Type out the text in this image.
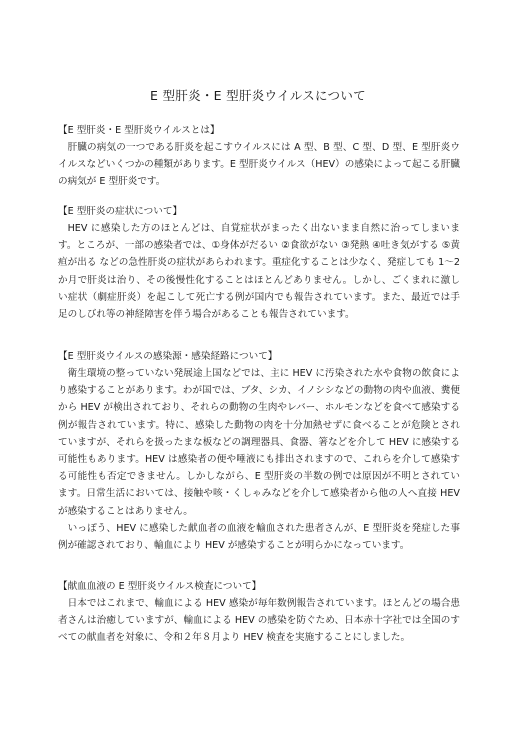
E 型肝炎・E 型肝炎ウイルスについて

【E 型肝炎・E 型肝炎ウイルスとは】

肝臓の病気の一つである肝炎を起こすウイルスには A 型、B 型、C 型、D 型、E 型肝炎ウイルスなどいくつかの種類があります。E 型肝炎ウイルス（HEV）の感染によって起こる肝臓の病気が E 型肝炎です。

【E 型肝炎の症状について】

HEV に感染した方のほとんどは、自覚症状がまったく出ないまま自然に治ってしまいます。ところが、一部の感染者では、①身体がだるい ②食欲がない ③発熱 ④吐き気がする ⑤黄疸が出る などの急性肝炎の症状があらわれます。重症化することは少なく、発症しても 1〜2 か月で肝炎は治り、その後慢性化することはほとんどありません。しかし、ごくまれに激しい症状（劇症肝炎）を起こして死亡する例が国内でも報告されています。また、最近では手足のしびれ等の神経障害を伴う場合があることも報告されています。

【E 型肝炎ウイルスの感染源・感染経路について】

衛生環境の整っていない発展途上国などでは、主に HEV に汚染された水や食物の飲食により感染することがあります。わが国では、ブタ、シカ、イノシシなどの動物の肉や血液、糞便から HEV が検出されており、それらの動物の生肉やレバー、ホルモンなどを食べて感染する例が報告されています。特に、感染した動物の肉を十分加熱せずに食べることが危険とされていますが、それらを扱ったまな板などの調理器具、食器、箸などを介して HEV に感染する可能性もあります。HEV は感染者の便や唾液にも排出されますので、これらを介して感染する可能性も否定できません。しかしながら、E 型肝炎の半数の例では原因が不明とされています。日常生活においては、接触や咳・くしゃみなどを介して感染者から他の人へ直接 HEV が感染することはありません。

いっぽう、HEV に感染した献血者の血液を輸血された患者さんが、E 型肝炎を発症した事例が確認されており、輸血により HEV が感染することが明らかになっています。

【献血血液の E 型肝炎ウイルス検査について】

日本ではこれまで、輸血による HEV 感染が毎年数例報告されています。ほとんどの場合患者さんは治癒していますが、輸血による HEV の感染を防ぐため、日本赤十字社では全国のすべての献血者を対象に、令和２年８月より HEV 検査を実施することにしました。
